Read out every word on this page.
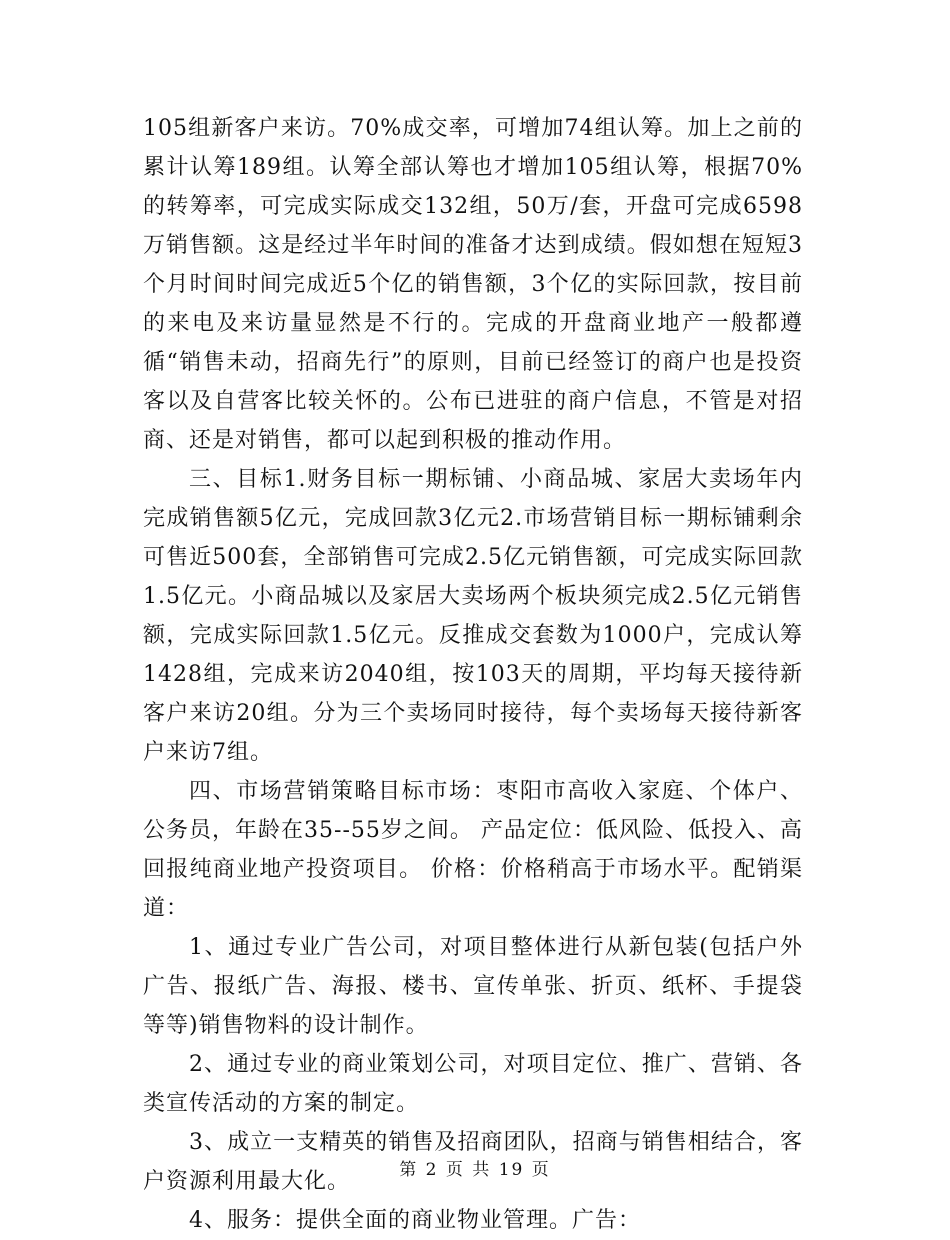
105组新客户来访。70%成交率，可增加74组认筹。加上之前的累计认筹189组。认筹全部认筹也才增加105组认筹，根据70%的转筹率，可完成实际成交132组，50万/套，开盘可完成6598万销售额。这是经过半年时间的准备才达到成绩。假如想在短短3个月时间时间完成近5个亿的销售额，3个亿的实际回款，按目前的来电及来访量显然是不行的。完成的开盘商业地产一般都遵循“销售未动，招商先行”的原则，目前已经签订的商户也是投资客以及自营客比较关怀的。公布已进驻的商户信息，不管是对招商、还是对销售，都可以起到积极的推动作用。

三、目标1.财务目标一期标铺、小商品城、家居大卖场年内完成销售额5亿元，完成回款3亿元2.市场营销目标一期标铺剩余可售近500套，全部销售可完成2.5亿元销售额，可完成实际回款1.5亿元。小商品城以及家居大卖场两个板块须完成2.5亿元销售额，完成实际回款1.5亿元。反推成交套数为1000户，完成认筹1428组，完成来访2040组，按103天的周期，平均每天接待新客户来访20组。分为三个卖场同时接待，每个卖场每天接待新客户来访7组。

四、市场营销策略目标市场：枣阳市高收入家庭、个体户、公务员，年龄在35--55岁之间。 产品定位：低风险、低投入、高回报纯商业地产投资项目。 价格：价格稍高于市场水平。配销渠道：

1、通过专业广告公司，对项目整体进行从新包装(包括户外广告、报纸广告、海报、楼书、宣传单张、折页、纸杯、手提袋等等)销售物料的设计制作。

2、通过专业的商业策划公司，对项目定位、推广、营销、各类宣传活动的方案的制定。

3、成立一支精英的销售及招商团队，招商与销售相结合，客户资源利用最大化。

4、服务：提供全面的商业物业管理。广告：

第 2 页 共 19 页
